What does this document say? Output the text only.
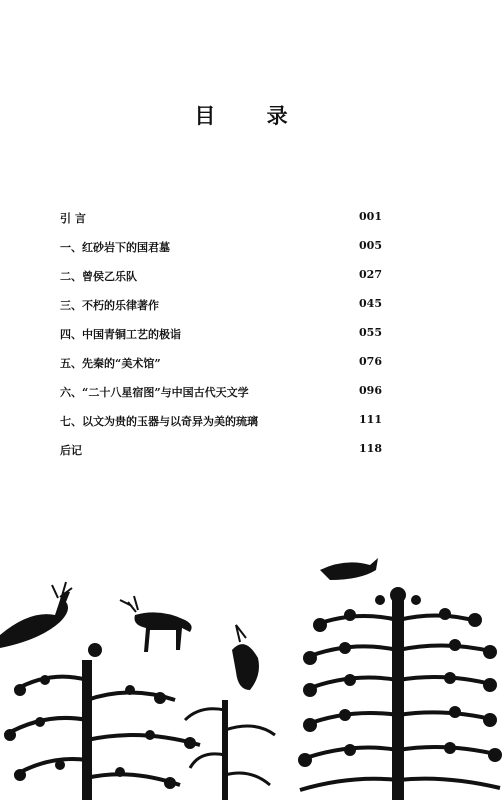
目 录
引 言	001
一、红砂岩下的国君墓	005
二、曾侯乙乐队	027
三、不朽的乐律著作	045
四、中国青铜工艺的极诣	055
五、先秦的“美术馆”	076
六、“二十八星宿图”与中国古代天文学	096
七、以文为贵的玉器与以奇异为美的琉璃	111
后记	118
